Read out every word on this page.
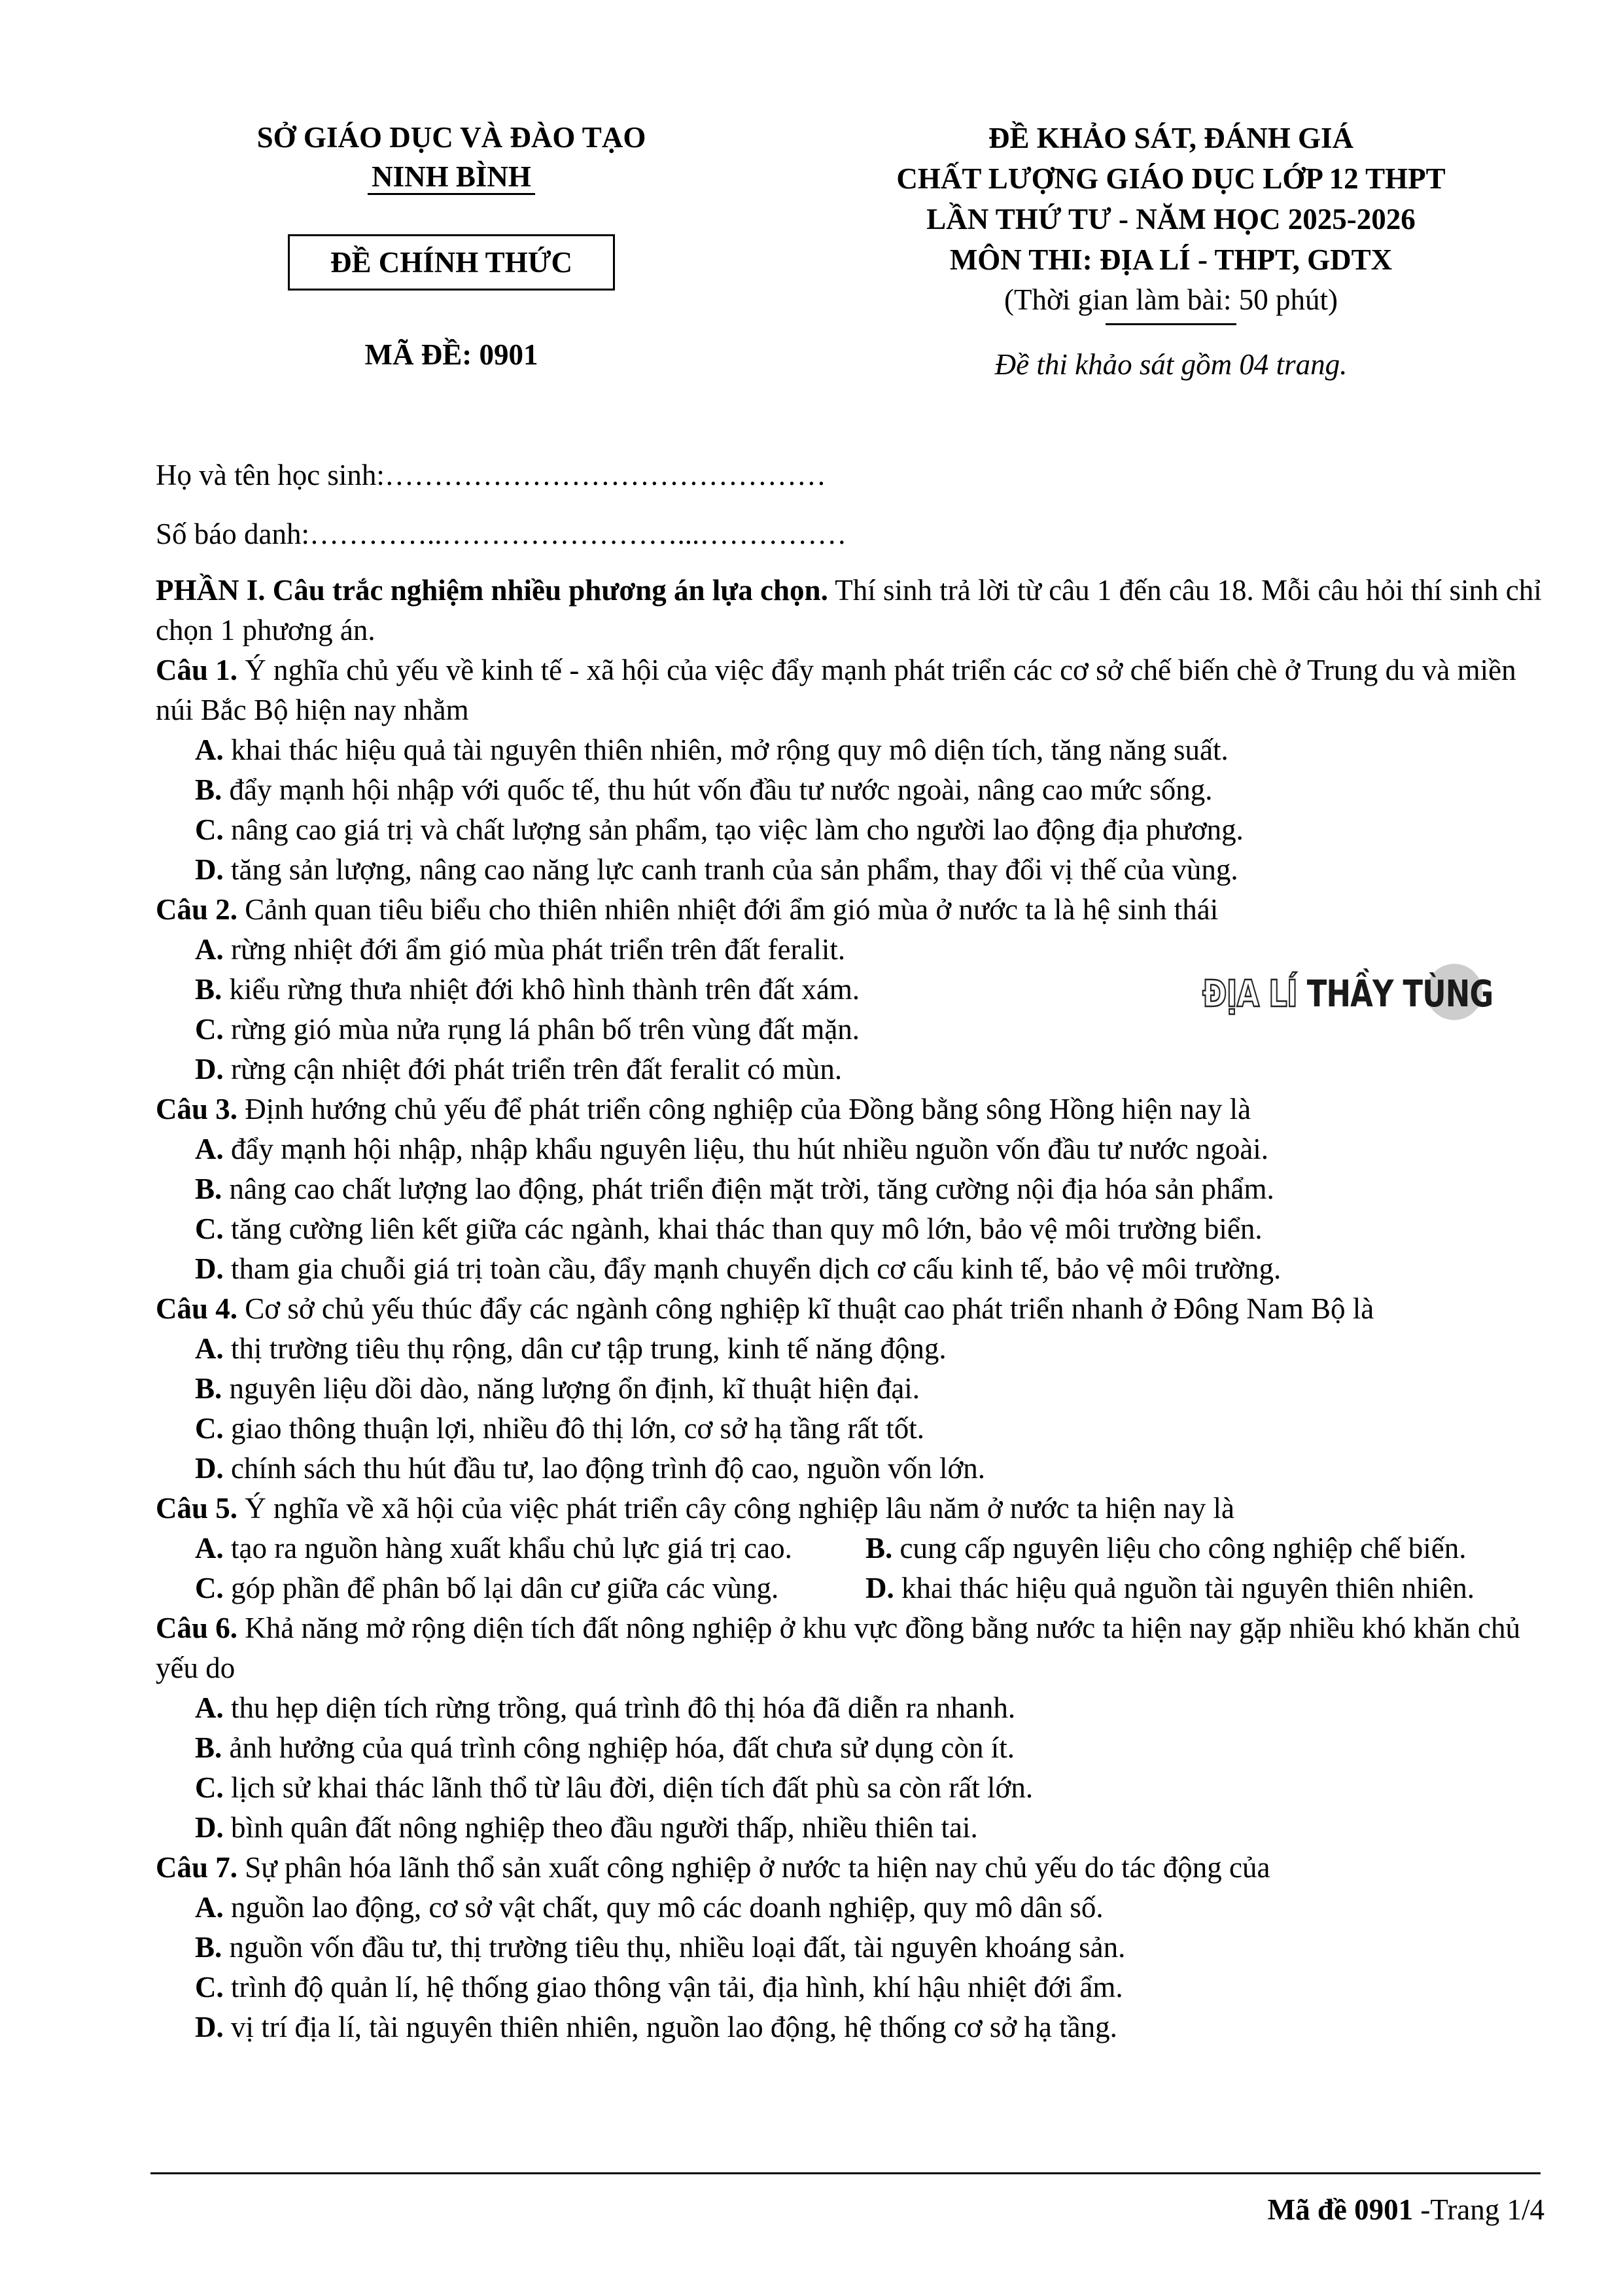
SỞ GIÁO DỤC VÀ ĐÀO TẠO
NINH BÌNH
ĐỀ CHÍNH THỨC
MÃ ĐỀ: 0901
ĐỀ KHẢO SÁT, ĐÁNH GIÁ
CHẤT LƯỢNG GIÁO DỤC LỚP 12 THPT
LẦN THỨ TƯ - NĂM HỌC 2025-2026
MÔN THI: ĐỊA LÍ - THPT, GDTX
(Thời gian làm bài: 50 phút)
Đề thi khảo sát gồm 04 trang.
Họ và tên học sinh:………………………………………
Số báo danh:…………..……………………...……………

PHẦN I. Câu trắc nghiệm nhiều phương án lựa chọn. Thí sinh trả lời từ câu 1 đến câu 18. Mỗi câu hỏi thí sinh chỉ chọn 1 phương án.

Câu 1. Ý nghĩa chủ yếu về kinh tế - xã hội của việc đẩy mạnh phát triển các cơ sở chế biến chè ở Trung du và miền núi Bắc Bộ hiện nay nhằm

A. khai thác hiệu quả tài nguyên thiên nhiên, mở rộng quy mô diện tích, tăng năng suất.

B. đẩy mạnh hội nhập với quốc tế, thu hút vốn đầu tư nước ngoài, nâng cao mức sống.

C. nâng cao giá trị và chất lượng sản phẩm, tạo việc làm cho người lao động địa phương.

D. tăng sản lượng, nâng cao năng lực canh tranh của sản phẩm, thay đổi vị thế của vùng.

Câu 2. Cảnh quan tiêu biểu cho thiên nhiên nhiệt đới ẩm gió mùa ở nước ta là hệ sinh thái

A. rừng nhiệt đới ẩm gió mùa phát triển trên đất feralit.

B. kiểu rừng thưa nhiệt đới khô hình thành trên đất xám.

C. rừng gió mùa nửa rụng lá phân bố trên vùng đất mặn.

D. rừng cận nhiệt đới phát triển trên đất feralit có mùn.

Câu 3. Định hướng chủ yếu để phát triển công nghiệp của Đồng bằng sông Hồng hiện nay là

A. đẩy mạnh hội nhập, nhập khẩu nguyên liệu, thu hút nhiều nguồn vốn đầu tư nước ngoài.

B. nâng cao chất lượng lao động, phát triển điện mặt trời, tăng cường nội địa hóa sản phẩm.

C. tăng cường liên kết giữa các ngành, khai thác than quy mô lớn, bảo vệ môi trường biển.

D. tham gia chuỗi giá trị toàn cầu, đẩy mạnh chuyển dịch cơ cấu kinh tế, bảo vệ môi trường.

Câu 4. Cơ sở chủ yếu thúc đẩy các ngành công nghiệp kĩ thuật cao phát triển nhanh ở Đông Nam Bộ là

A. thị trường tiêu thụ rộng, dân cư tập trung, kinh tế năng động.

B. nguyên liệu dồi dào, năng lượng ổn định, kĩ thuật hiện đại.

C. giao thông thuận lợi, nhiều đô thị lớn, cơ sở hạ tầng rất tốt.

D. chính sách thu hút đầu tư, lao động trình độ cao, nguồn vốn lớn.

Câu 5. Ý nghĩa về xã hội của việc phát triển cây công nghiệp lâu năm ở nước ta hiện nay là

A. tạo ra nguồn hàng xuất khẩu chủ lực giá trị cao. B. cung cấp nguyên liệu cho công nghiệp chế biến.

C. góp phần để phân bố lại dân cư giữa các vùng.	D. khai thác hiệu quả nguồn tài nguyên thiên nhiên.

Câu 6. Khả năng mở rộng diện tích đất nông nghiệp ở khu vực đồng bằng nước ta hiện nay gặp nhiều khó khăn chủ yếu do

A. thu hẹp diện tích rừng trồng, quá trình đô thị hóa đã diễn ra nhanh.

B. ảnh hưởng của quá trình công nghiệp hóa, đất chưa sử dụng còn ít.

C. lịch sử khai thác lãnh thổ từ lâu đời, diện tích đất phù sa còn rất lớn.

D. bình quân đất nông nghiệp theo đầu người thấp, nhiều thiên tai.

Câu 7. Sự phân hóa lãnh thổ sản xuất công nghiệp ở nước ta hiện nay chủ yếu do tác động của

A. nguồn lao động, cơ sở vật chất, quy mô các doanh nghiệp, quy mô dân số.

B. nguồn vốn đầu tư, thị trường tiêu thụ, nhiều loại đất, tài nguyên khoáng sản.

C. trình độ quản lí, hệ thống giao thông vận tải, địa hình, khí hậu nhiệt đới ẩm.

D. vị trí địa lí, tài nguyên thiên nhiên, nguồn lao động, hệ thống cơ sở hạ tầng.

ĐỊA LÍ THẦY TÙNG
Mã đề 0901 -Trang 1/4
